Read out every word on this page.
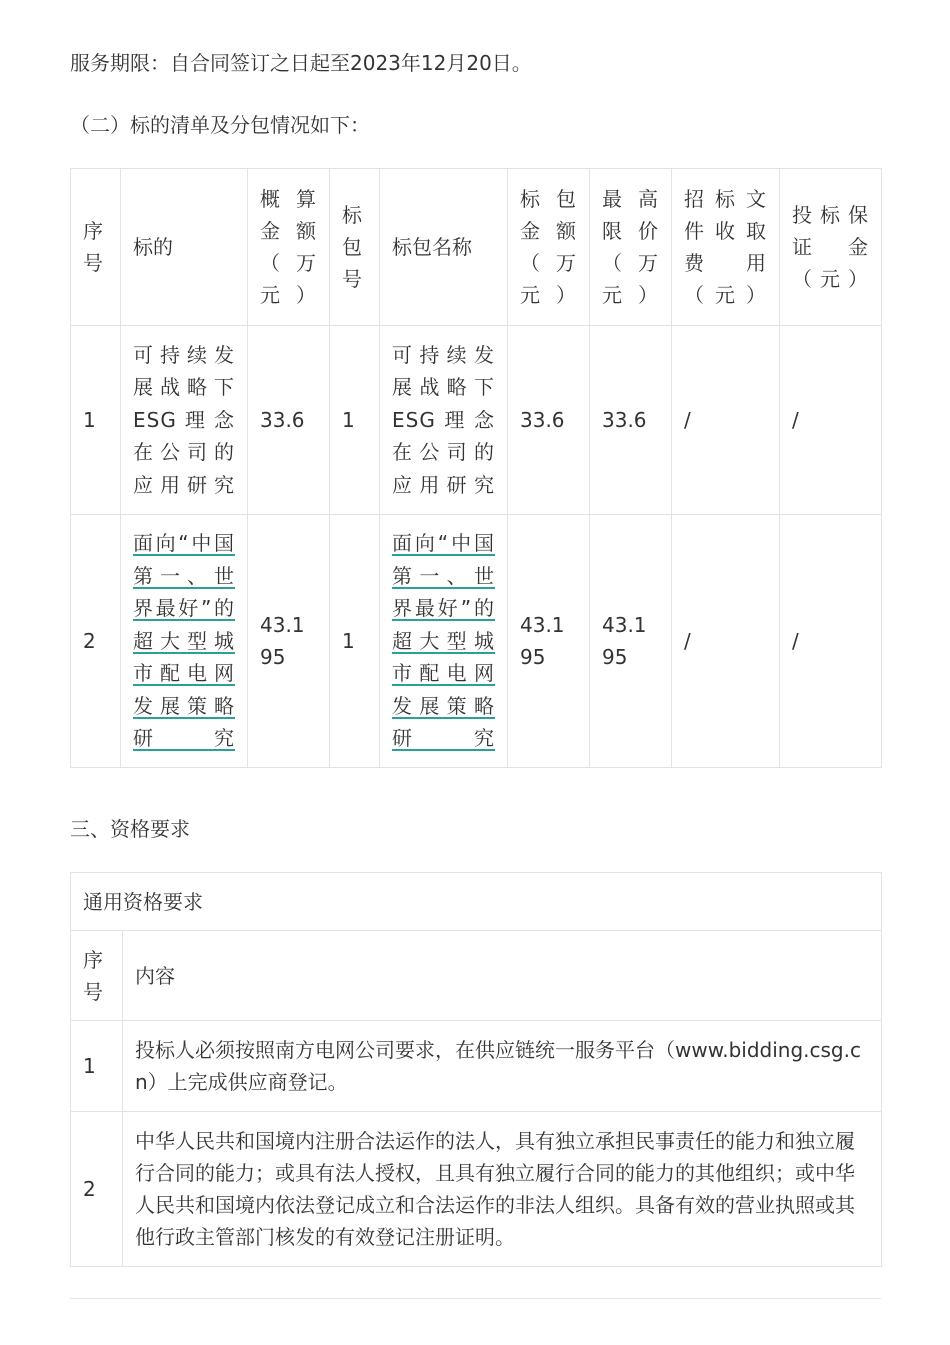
服务期限：自合同签订之日起至2023年12月20日。

（二）标的清单及分包情况如下：

序号	标的	概算金额（万元）	标包号	标包名称	标包金额（万元）	最高限价（万元）	招标文件收取费用（元）	投标保证金（元）
1	可持续发展战略下ESG理念在公司的应用研究	33.6	1	可持续发展战略下ESG理念在公司的应用研究	33.6	33.6	/	/
2	面向“中国第一、世界最好”的超大型城市配电网发展策略研究	43.195	1	面向“中国第一、世界最好”的超大型城市配电网发展策略研究	43.195	43.195	/	/

三、资格要求

通用资格要求	
序号	内容
1	投标人必须按照南方电网公司要求，在供应链统一服务平台（www.bidding.csg.cn）上完成供应商登记。
2	中华人民共和国境内注册合法运作的法人，具有独立承担民事责任的能力和独立履行合同的能力；或具有法人授权，且具有独立履行合同的能力的其他组织；或中华人民共和国境内依法登记成立和合法运作的非法人组织。具备有效的营业执照或其他行政主管部门核发的有效登记注册证明。
